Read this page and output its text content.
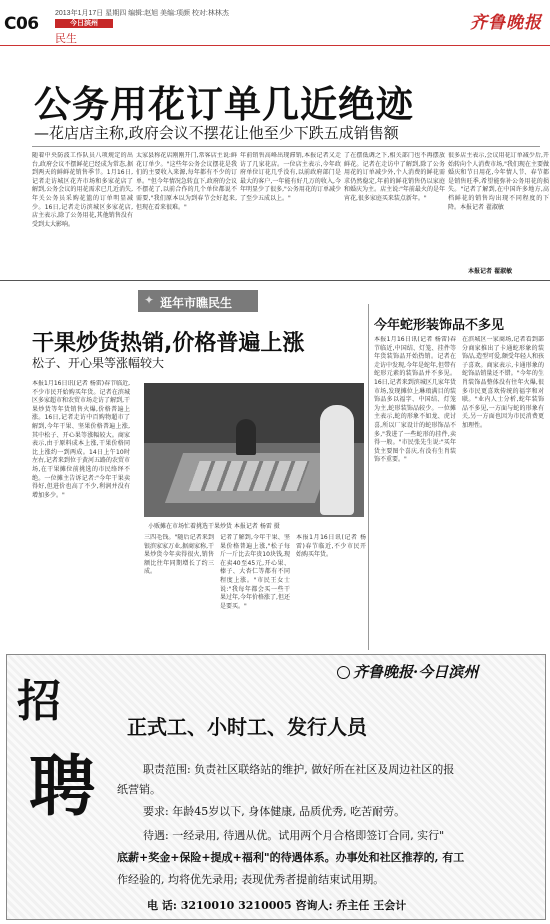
C06
2013年1月17日 星期四 编辑:赵旭 美编:项颜 校对:林林杰
今日滨州
民生
齐鲁晚报
公务用花订单几近绝迹
—花店店主称,政府会议不摆花让他至少下跌五成销售额
随着中央防波工作队员八项规定的出台,政府会议不摆鲜花已经成为常态,据到两天的鲜鲜花销售季节。1月16日,记者走访城区花卉市场和多家花店了解到,公务会议的用花需求已几近消失,年关公务员采购花篮的订单明显减少。16日,记者走访滨城区多家花店,店主表示,除了公务用花,其他销售没有受到太大影响。
太家县称花店刚刚开门,常客店主说:鲜花订单少。"这些年公务会议摆花是我们的主要收入来源,每年都有不少的订单。"但今年情况急转直下,政府的会议不摆花了,以前合作的几个单位都说不需要,"我们原本以为到春节会好起来,但现在看来很难。"
年前销售高峰出现滞销,本报记者又走访了几家花店。一位店主表示,今年政府单位订花几乎没有,以前政府部门是最大的客户,一年能有好几万的收入,今年明显少了很多,"公务用花的订单减少了至少五成以上。"
了在摆低调之下,相关部门也不再摆放鲜花。记者在走访中了解到,除了公务用花的订单减少外,个人消费的鲜花需求仍然稳定,年前的鲜花销售仍以家庭和婚庆为主。店主说:"年前最火的是年宵花,很多家庭买来装点新年。"
很多店主表示,会议用花订单减少后,开始转向个人消费市场,"我们现在主要做婚庆和节日用花,今年情人节、春节都是销售旺季,希望能弥补公务用花的损失。"记者了解到,在中国许多地方,高档鲜花的销售均出现不同程度的下降。本报记者 翟淑敏
本报记者 翟淑敏
✦ 逛年市瞧民生
干果炒货热销,价格普遍上涨
松子、开心果等涨幅较大
本报1月16日讯(记者 杨雷)春节临近,不少市民开始购买年货。记者在滨城区多家超市和农贸市场走访了解到,干果炒货等年货销售火爆,价格普遍上涨。16日,记者走访中百购物超市了解到,今年干果、坚果价格普遍上涨,其中松子、开心果等涨幅较大。商家表示,由于原料成本上涨,干果价格同比上涨约一到两成。14日上午10时左右,记者来到位于黄河五路的农贸市场,在干果摊位前挑选的市民络绎不绝。一位摊主告诉记者:"今年干果卖得好,但进价也高了不少,利润并没有增加多少。"
小贩摊在市场忙着挑选干果炒货 本报记者 杨雷 摄
三四毛钱。"随后记者来到银滨家家万业,据商家称,干果炒货今年卖得很火,销售额比往年同期增长了约三成。
记者了解到,今年干果、坚果价格普遍上涨,"松子每斤一斤比去年贵10块钱,现在卖40至45元,开心果、榛子、大杏仁等都有不同程度上涨。"市民王女士说:"我每年都会买一些干果过年,今年价格涨了,但还是要买。"
本报1月16日讯(记者 杨雷)春节临近,不少市民开始购买年货。
今年蛇形装饰品不多见
本报1月16日讯(记者 杨雷)春节临近,中国结、灯笼、挂件等年货装饰品开始热销。记者在走访中发现,今年是蛇年,但带有蛇形元素的装饰品并不多见。16日,记者来到滨城区几家年货市场,发现摊位上琳琅满目的装饰品多以福字、中国结、灯笼为主,蛇形装饰品较少。一位摊主表示,蛇的形象不如龙、虎讨喜,所以厂家设计的蛇形饰品不多,"我进了一些蛇形的挂件,卖得一般。"市民张先生说:"买年货主要图个喜庆,有没有生肖装饰不重要。"
在滨城区一家商场,记者看到部分商家推出了卡通蛇形象的装饰品,造型可爱,颇受年轻人和孩子喜欢。商家表示,卡通形象的蛇饰品销量还不错。"今年的生肖装饰品整体没有往年火爆,很多市民更喜欢传统的福字和对联。"业内人士分析,蛇年装饰品不多见,一方面与蛇的形象有关,另一方面也因为市民消费更加理性。
招
聘
齐鲁晚报·今日滨州
正式工、小时工、发行人员
职责范围: 负责社区联络站的维护, 做好所在社区及周边社区的报
纸营销。
要求: 年龄45岁以下, 身体健康, 品质优秀, 吃苦耐劳。
待遇: 一经录用, 待遇从优。试用两个月合格即签订合同, 实行"
底薪+奖金+保险+提成+福利"的待遇体系。办事处和社区推荐的, 有工
作经验的, 均将优先录用; 表现优秀者提前结束试用期。
电 话: 3210010 3210005 咨询人: 乔主任 王会计
